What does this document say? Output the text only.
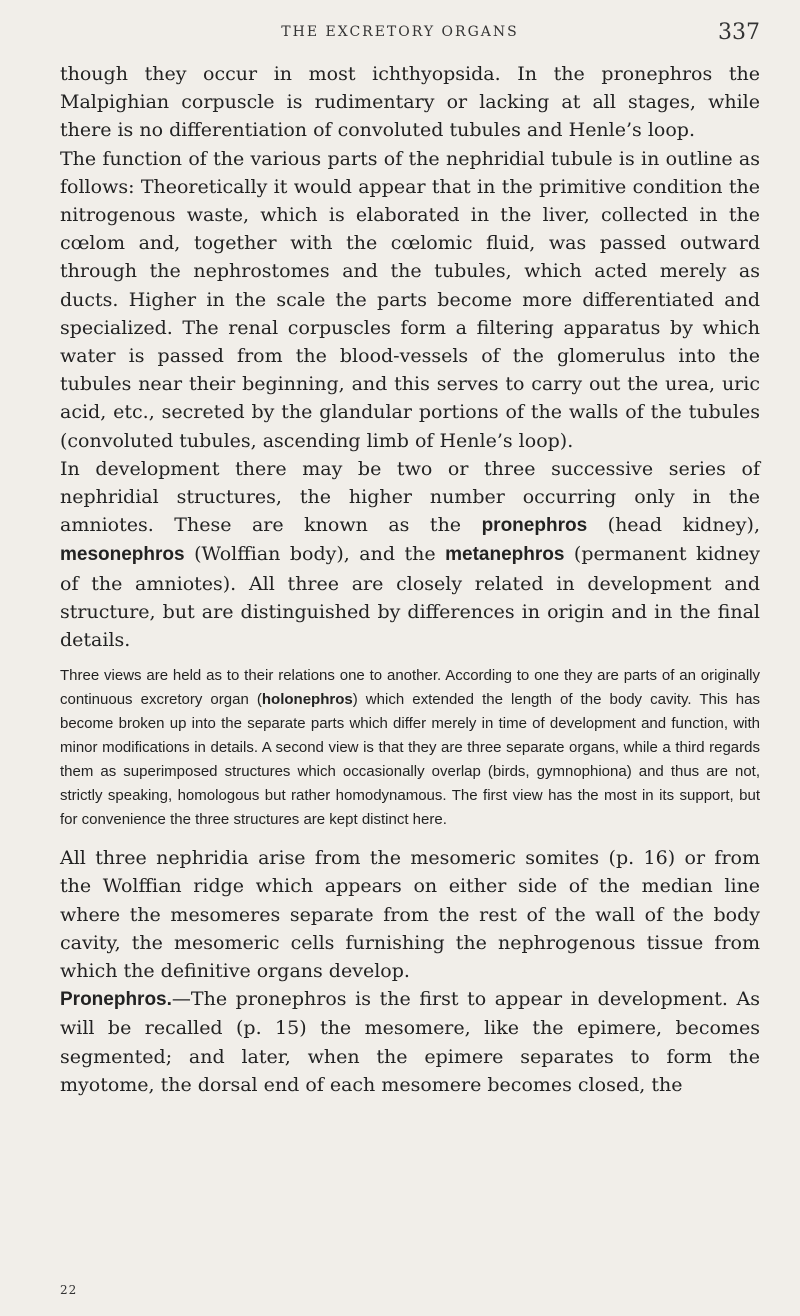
THE EXCRETORY ORGANS	337

though they occur in most ichthyopsida. In the pronephros the Malpighian corpuscle is rudimentary or lacking at all stages, while there is no differentiation of convoluted tubules and Henle’s loop.

The function of the various parts of the nephridial tubule is in outline as follows: Theoretically it would appear that in the primitive condition the nitrogenous waste, which is elaborated in the liver, collected in the cœlom and, together with the cœlomic fluid, was passed outward through the nephrostomes and the tubules, which acted merely as ducts. Higher in the scale the parts become more differentiated and specialized. The renal corpuscles form a filtering apparatus by which water is passed from the blood-vessels of the glomerulus into the tubules near their beginning, and this serves to carry out the urea, uric acid, etc., secreted by the glandular portions of the walls of the tubules (convoluted tubules, ascending limb of Henle’s loop).

In development there may be two or three successive series of nephridial structures, the higher number occurring only in the amniotes. These are known as the pronephros (head kidney), mesonephros (Wolffian body), and the metanephros (permanent kidney of the amniotes). All three are closely related in development and structure, but are distinguished by differences in origin and in the final details.

Three views are held as to their relations one to another. According to one they are parts of an originally continuous excretory organ (holonephros) which extended the length of the body cavity. This has become broken up into the separate parts which differ merely in time of development and function, with minor modifications in details. A second view is that they are three separate organs, while a third regards them as superimposed structures which occasionally overlap (birds, gymnophiona) and thus are not, strictly speaking, homologous but rather homodynamous. The first view has the most in its support, but for convenience the three structures are kept distinct here.

All three nephridia arise from the mesomeric somites (p. 16) or from the Wolffian ridge which appears on either side of the median line where the mesomeres separate from the rest of the wall of the body cavity, the mesomeric cells furnishing the nephrogenous tissue from which the definitive organs develop.

Pronephros.—The pronephros is the first to appear in development. As will be recalled (p. 15) the mesomere, like the epimere, becomes segmented; and later, when the epimere separates to form the myotome, the dorsal end of each mesomere becomes closed, the

22
